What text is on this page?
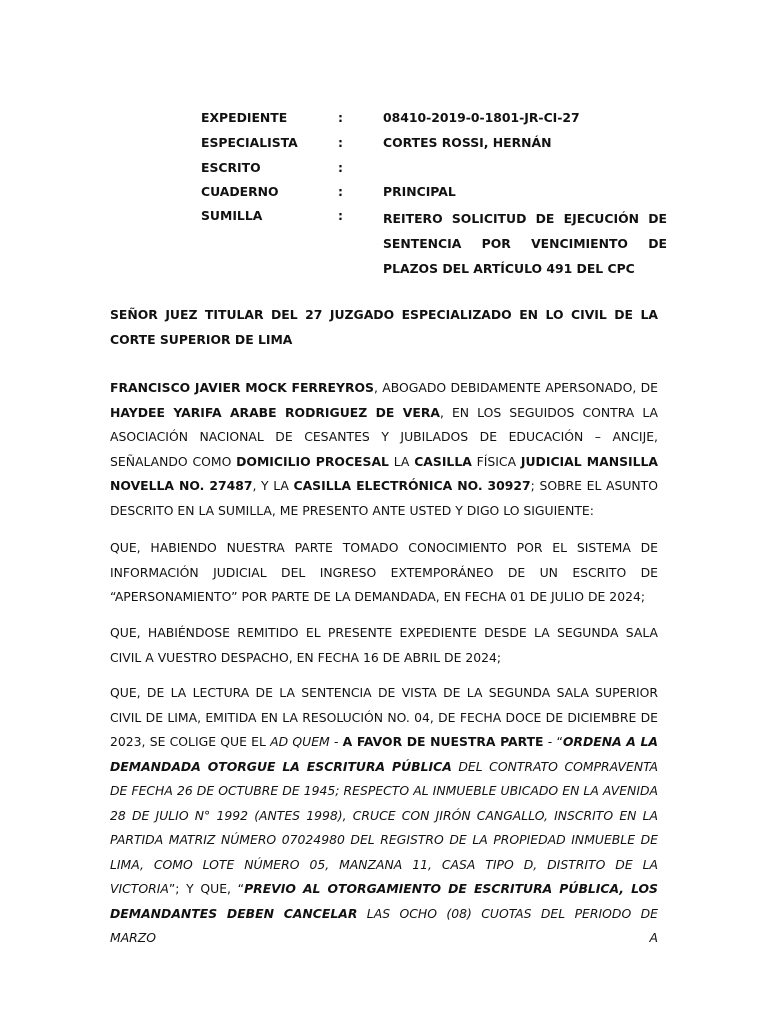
EXPEDIENTE	:	08410-2019-0-1801-JR-CI-27
ESPECIALISTA	:	CORTES ROSSI, HERNÁN
ESCRITO	:
CUADERNO	:	PRINCIPAL
SUMILLA	:	REITERO SOLICITUD DE EJECUCIÓN DE SENTENCIA POR VENCIMIENTO DE PLAZOS DEL ARTÍCULO 491 DEL CPC
SEÑOR JUEZ TITULAR DEL 27 JUZGADO ESPECIALIZADO EN LO CIVIL DE LA CORTE SUPERIOR DE LIMA
FRANCISCO JAVIER MOCK FERREYROS, ABOGADO DEBIDAMENTE APERSONADO, DE HAYDEE YARIFA ARABE RODRIGUEZ DE VERA, EN LOS SEGUIDOS CONTRA LA ASOCIACIÓN NACIONAL DE CESANTES Y JUBILADOS DE EDUCACIÓN – ANCIJE, SEÑALANDO COMO DOMICILIO PROCESAL LA CASILLA FÍSICA JUDICIAL MANSILLA NOVELLA NO. 27487, Y LA CASILLA ELECTRÓNICA NO. 30927; SOBRE EL ASUNTO DESCRITO EN LA SUMILLA, ME PRESENTO ANTE USTED Y DIGO LO SIGUIENTE:
QUE, HABIENDO NUESTRA PARTE TOMADO CONOCIMIENTO POR EL SISTEMA DE INFORMACIÓN JUDICIAL DEL INGRESO EXTEMPORÁNEO DE UN ESCRITO DE “APERSONAMIENTO” POR PARTE DE LA DEMANDADA, EN FECHA 01 DE JULIO DE 2024;
QUE, HABIÉNDOSE REMITIDO EL PRESENTE EXPEDIENTE DESDE LA SEGUNDA SALA CIVIL A VUESTRO DESPACHO, EN FECHA 16 DE ABRIL DE 2024;
QUE, DE LA LECTURA DE LA SENTENCIA DE VISTA DE LA SEGUNDA SALA SUPERIOR CIVIL DE LIMA, EMITIDA EN LA RESOLUCIÓN NO. 04, DE FECHA DOCE DE DICIEMBRE DE 2023, SE COLIGE QUE EL AD QUEM - A FAVOR DE NUESTRA PARTE - “ORDENA A LA DEMANDADA OTORGUE LA ESCRITURA PÚBLICA DEL CONTRATO COMPRAVENTA DE FECHA 26 DE OCTUBRE DE 1945; RESPECTO AL INMUEBLE UBICADO EN LA AVENIDA 28 DE JULIO N° 1992 (ANTES 1998), CRUCE CON JIRÓN CANGALLO, INSCRITO EN LA PARTIDA MATRIZ NÚMERO 07024980 DEL REGISTRO DE LA PROPIEDAD INMUEBLE DE LIMA, COMO LOTE NÚMERO 05, MANZANA 11, CASA TIPO D, DISTRITO DE LA VICTORIA”; Y QUE, “PREVIO AL OTORGAMIENTO DE ESCRITURA PÚBLICA, LOS DEMANDANTES DEBEN CANCELAR LAS OCHO (08) CUOTAS DEL PERIODO DE MARZO A
